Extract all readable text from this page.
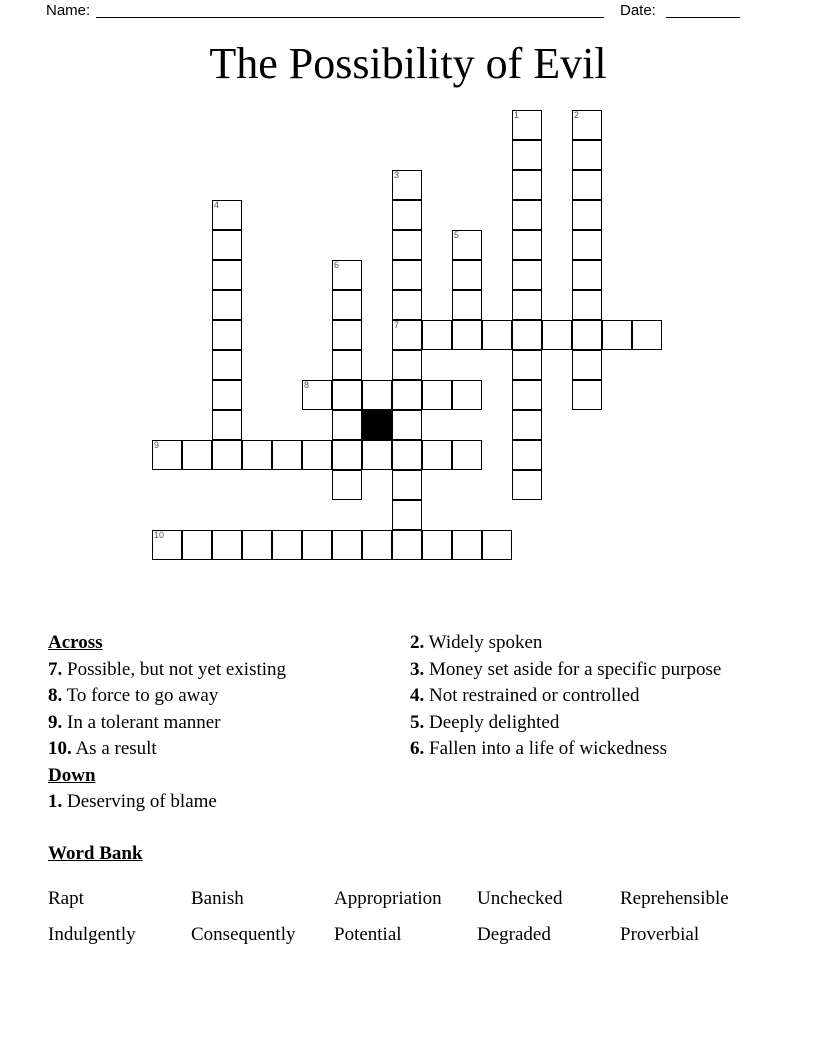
Name:	Date:
The Possibility of Evil
1	2
3
7
4
5
6
8
9
10
Across
7. Possible, but not yet existing
8. To force to go away
9. In a tolerant manner
10. As a result
Down
1. Deserving of blame
2. Widely spoken
3. Money set aside for a specific purpose
4. Not restrained or controlled
5. Deeply delighted
6. Fallen into a life of wickedness
Word Bank
Rapt	Banish	Appropriation	Unchecked	Reprehensible
Indulgently	Consequently	Potential	Degraded	Proverbial
